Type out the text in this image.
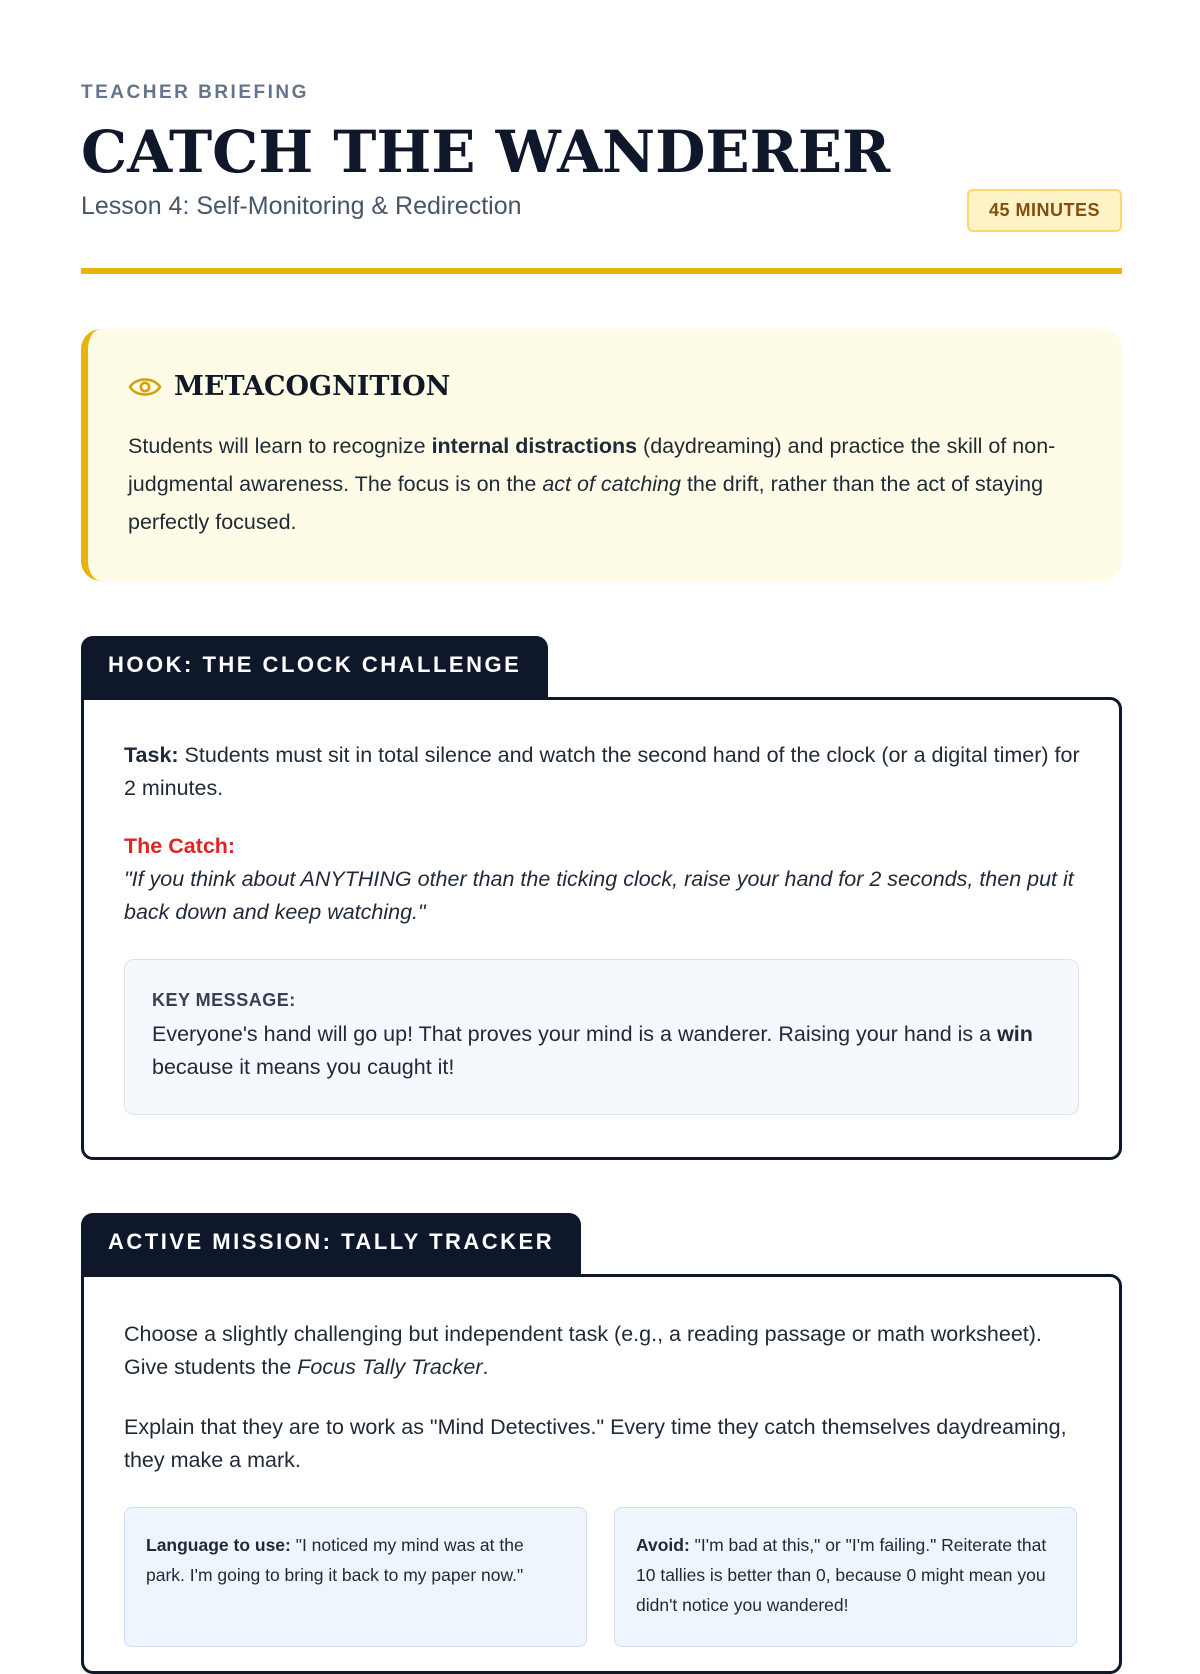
TEACHER BRIEFING
CATCH THE WANDERER
Lesson 4: Self-Monitoring & Redirection	45 MINUTES
METACOGNITION

Students will learn to recognize internal distractions (daydreaming) and practice the skill of non-judgmental awareness. The focus is on the act of catching the drift, rather than the act of staying perfectly focused.

HOOK: THE CLOCK CHALLENGE

Task: Students must sit in total silence and watch the second hand of the clock (or a digital timer) for 2 minutes.

The Catch:
"If you think about ANYTHING other than the ticking clock, raise your hand for 2 seconds, then put it back down and keep watching."

KEY MESSAGE:

Everyone's hand will go up! That proves your mind is a wanderer. Raising your hand is a win because it means you caught it!

ACTIVE MISSION: TALLY TRACKER

Choose a slightly challenging but independent task (e.g., a reading passage or math worksheet). Give students the Focus Tally Tracker.

Explain that they are to work as "Mind Detectives." Every time they catch themselves daydreaming, they make a mark.

Language to use: "I noticed my mind was at the park. I'm going to bring it back to my paper now."

Avoid: "I'm bad at this," or "I'm failing." Reiterate that 10 tallies is better than 0, because 0 might mean you didn't notice you wandered!
